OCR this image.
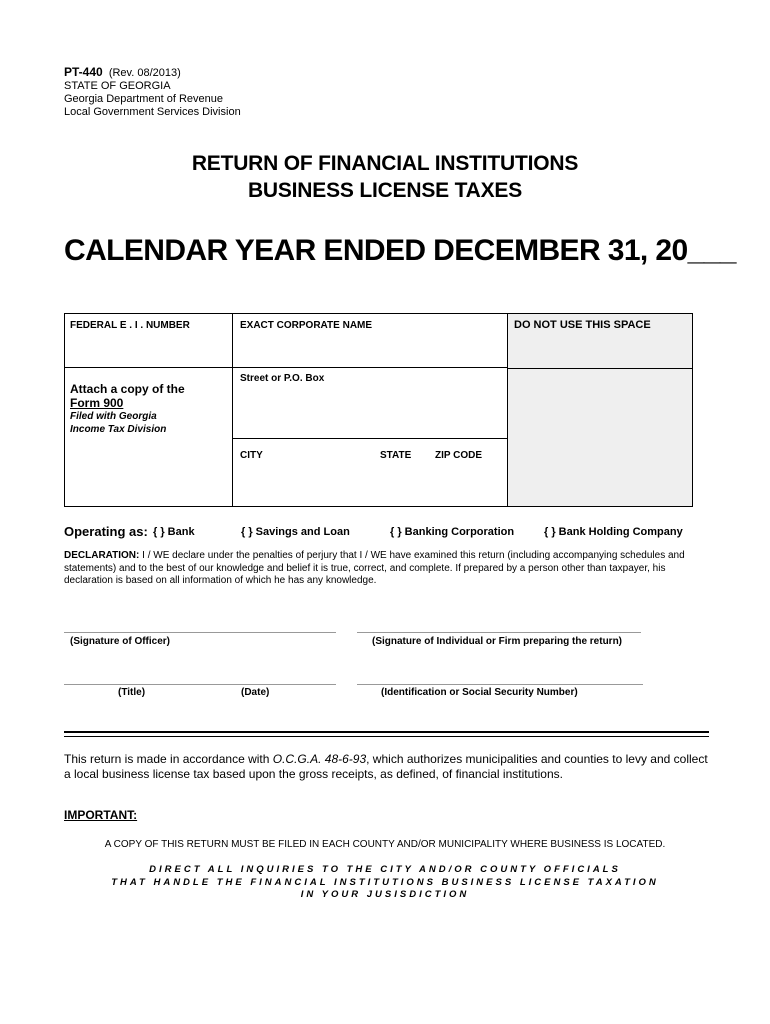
PT-440 (Rev. 08/2013)
STATE OF GEORGIA
Georgia Department of Revenue
Local Government Services Division
RETURN OF FINANCIAL INSTITUTIONS
BUSINESS LICENSE TAXES
CALENDAR YEAR ENDED DECEMBER 31, 20___
FEDERAL E . I . NUMBER	EXACT CORPORATE NAME	DO NOT USE THIS SPACE
Street or P.O. Box
Attach a copy of the
Form 900
Filed with Georgia
Income Tax Division
CITY	STATE ZIP CODE
Operating as: { } Bank	{ } Savings and Loan	{ } Banking Corporation	{ } Bank Holding Company
DECLARATION: I / WE declare under the penalties of perjury that I / WE have examined this return (including accompanying schedules and statements) and to the best of our knowledge and belief it is true, correct, and complete. If prepared by a person other than taxpayer, his declaration is based on all information of which he has any knowledge.
(Signature of Officer)	(Signature of Individual or Firm preparing the return)
(Title)	(Date)	(Identification or Social Security Number)
This return is made in accordance with O.C.G.A. 48-6-93, which authorizes municipalities and counties to levy and collect a local business license tax based upon the gross receipts, as defined, of financial institutions.
IMPORTANT:
A COPY OF THIS RETURN MUST BE FILED IN EACH COUNTY AND/OR MUNICIPALITY WHERE BUSINESS IS LOCATED.
DIRECT ALL INQUIRIES TO THE CITY AND/OR COUNTY OFFICIALS
THAT HANDLE THE FINANCIAL INSTITUTIONS BUSINESS LICENSE TAXATION
IN YOUR JUSISDICTION
